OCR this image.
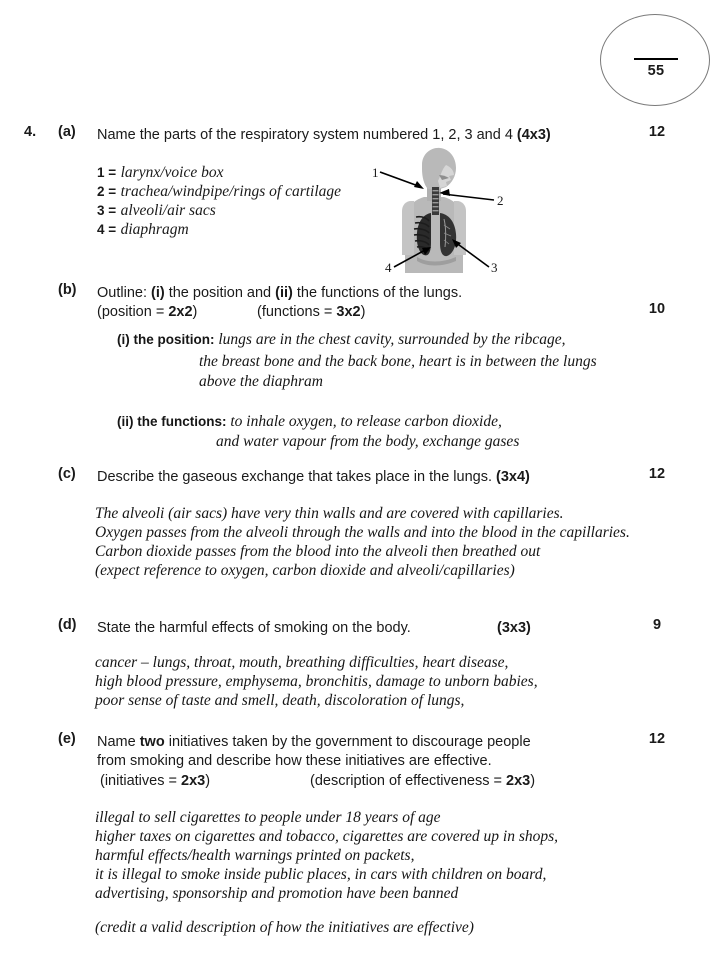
55
4. (a) Name the parts of the respiratory system numbered 1, 2, 3 and 4 (4x3)	12
1 = larynx/voice box
2 = trachea/windpipe/rings of cartilage
3 = alveoli/air sacs
4 = diaphragm
1
2
3
4
(b) Outline: (i) the position and (ii) the functions of the lungs.
(position = 2x2)	(functions = 3x2)	10
(i) the position: lungs are in the chest cavity, surrounded by the ribcage,
the breast bone and the back bone, heart is in between the lungs
above the diaphram
(ii) the functions: to inhale oxygen, to release carbon dioxide,
and water vapour from the body, exchange gases
(c) Describe the gaseous exchange that takes place in the lungs. (3x4)	12
The alveoli (air sacs) have very thin walls and are covered with capillaries.
Oxygen passes from the alveoli through the walls and into the blood in the capillaries.
Carbon dioxide passes from the blood into the alveoli then breathed out
(expect reference to oxygen, carbon dioxide and alveoli/capillaries)
(d) State the harmful effects of smoking on the body.	(3x3)	9
cancer – lungs, throat, mouth, breathing difficulties, heart disease,
high blood pressure, emphysema, bronchitis, damage to unborn babies,
poor sense of taste and smell, death, discoloration of lungs,
(e) Name two initiatives taken by the government to discourage people	12
from smoking and describe how these initiatives are effective.
(initiatives = 2x3)	(description of effectiveness = 2x3)
illegal to sell cigarettes to people under 18 years of age
higher taxes on cigarettes and tobacco, cigarettes are covered up in shops,
harmful effects/health warnings printed on packets,
it is illegal to smoke inside public places, in cars with children on board,
advertising, sponsorship and promotion have been banned
(credit a valid description of how the initiatives are effective)
